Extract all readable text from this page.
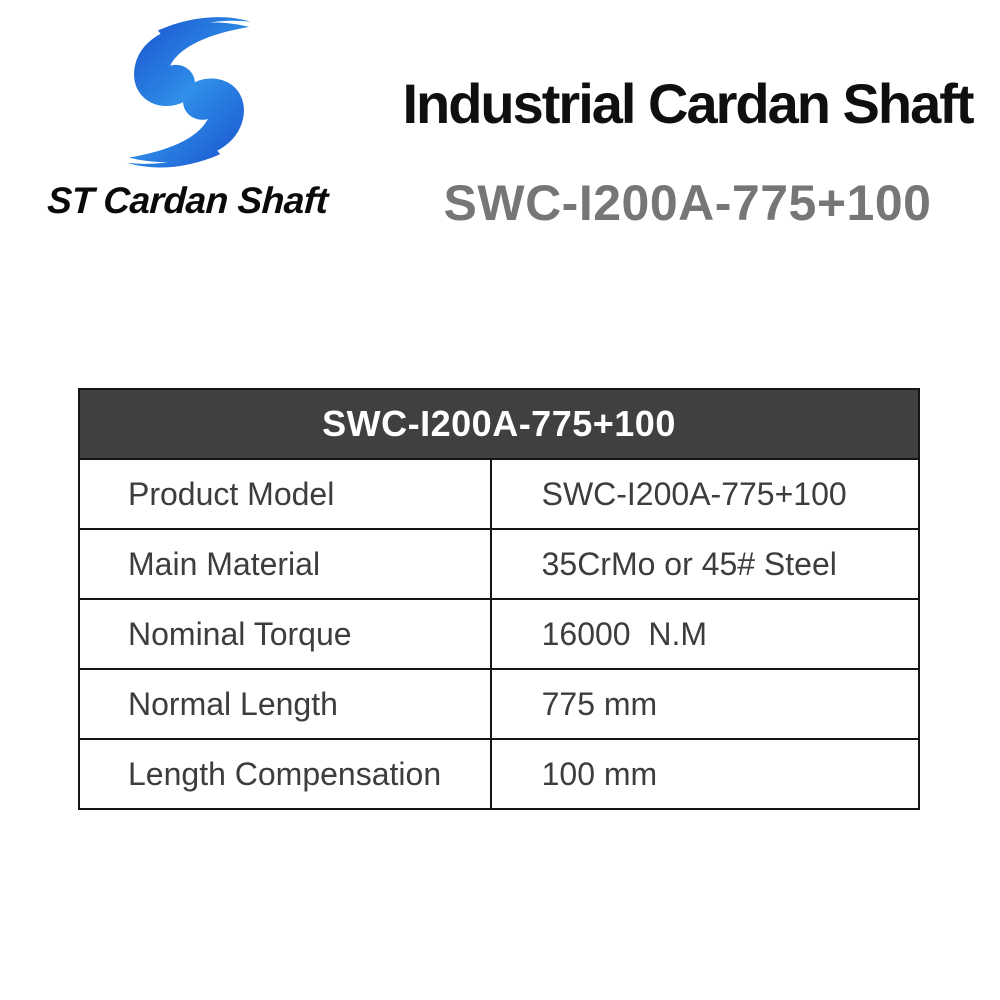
ST Cardan Shaft
Industrial Cardan Shaft
SWC-I200A-775+100
SWC-I200A-775+100	
Product Model	SWC-I200A-775+100
Main Material	35CrMo or 45# Steel
Nominal Torque	16000  N.M
Normal Length	775 mm
Length Compensation	100 mm
